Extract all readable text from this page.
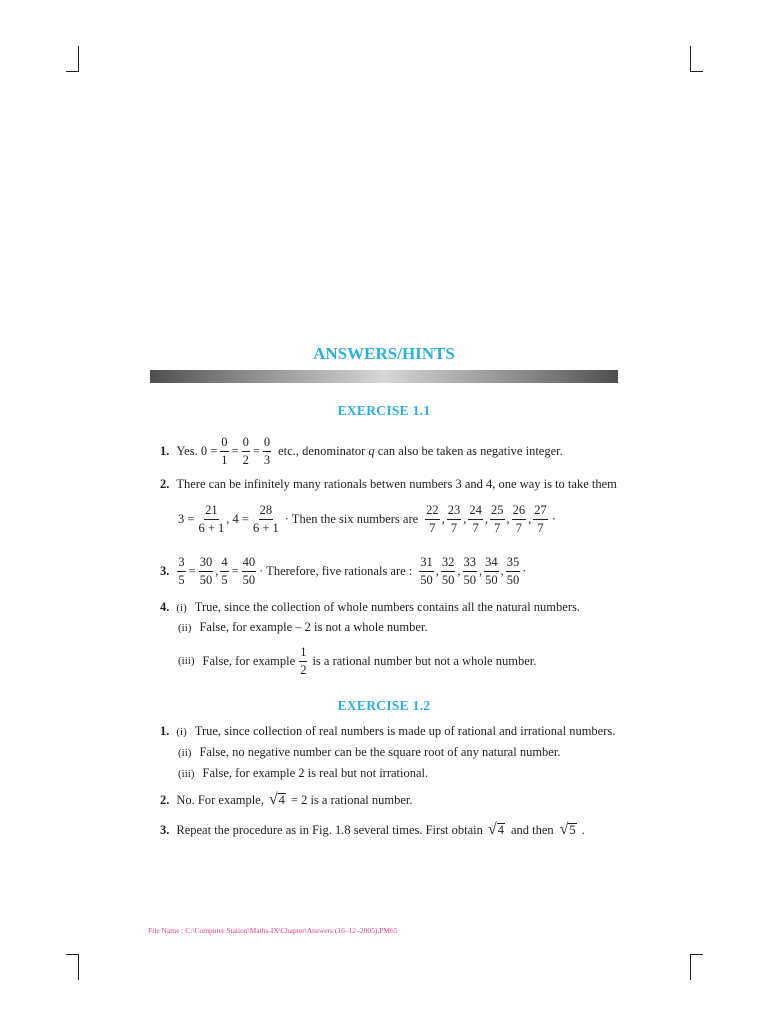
ANSWERS/HINTS
EXERCISE 1.1
1. Yes. $0 = \frac{0}{1} = \frac{0}{2} = \frac{0}{3}$ etc., denominator q can also be taken as negative integer.
2. There can be infinitely many rationals betwen numbers 3 and 4, one way is to take them
$3 = \frac{21}{6 + 1}$ , $4 = \frac{28}{6 + 1}$ · Then the six numbers are $\frac{22}{7}$ , $\frac{23}{7}$ , $\frac{24}{7}$ , $\frac{25}{7}$ , $\frac{26}{7}$ , $\frac{27}{7}$ ·
3. $\frac{3}{5} = \frac{30}{50}$ , $\frac{4}{5} = \frac{40}{50}$ · Therefore, five rationals are : $\frac{31}{50}$ , $\frac{32}{50}$ , $\frac{33}{50}$ , $\frac{34}{50}$ , $\frac{35}{50}$ ·
4. (i) True, since the collection of whole numbers contains all the natural numbers.
(ii) False, for example – 2 is not a whole number.
(iii) False, for example $\frac{1}{2}$ is a rational number but not a whole number.
EXERCISE 1.2
1. (i) True, since collection of real numbers is made up of rational and irrational numbers.
(ii) False, no negative number can be the square root of any natural number.
(iii) False, for example 2 is real but not irrational.
2. No. For example, √ 4 = 2 is a rational number.
3. Repeat the procedure as in Fig. 1.8 several times. First obtain √ 4 and then √ 5 .
File Name : C:\Computer Station\Maths-IX\Chapter\Answers (16–12–2005).PM65
